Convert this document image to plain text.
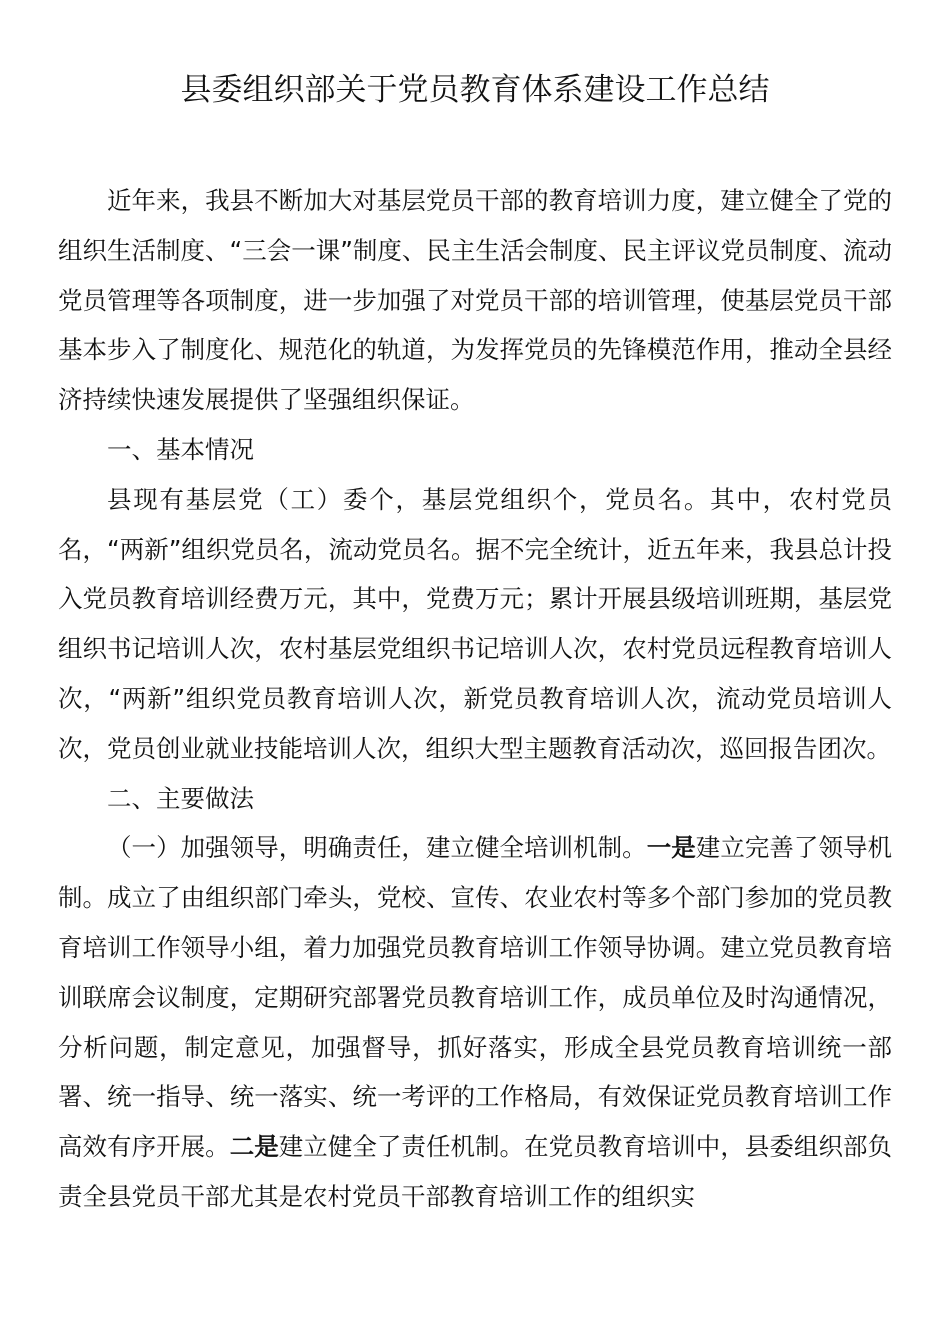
县委组织部关于党员教育体系建设工作总结

近年来，我县不断加大对基层党员干部的教育培训力度，建立健全了党的组织生活制度、“三会一课”制度、民主生活会制度、民主评议党员制度、流动党员管理等各项制度，进一步加强了对党员干部的培训管理，使基层党员干部基本步入了制度化、规范化的轨道，为发挥党员的先锋模范作用，推动全县经济持续快速发展提供了坚强组织保证。

一、基本情况

县现有基层党（工）委个，基层党组织个，党员名。其中，农村党员名，“两新”组织党员名，流动党员名。据不完全统计，近五年来，我县总计投入党员教育培训经费万元，其中，党费万元；累计开展县级培训班期，基层党组织书记培训人次，农村基层党组织书记培训人次，农村党员远程教育培训人次，“两新”组织党员教育培训人次，新党员教育培训人次，流动党员培训人次，党员创业就业技能培训人次，组织大型主题教育活动次，巡回报告团次。

二、主要做法

（一）加强领导，明确责任，建立健全培训机制。一是建立完善了领导机制。成立了由组织部门牵头，党校、宣传、农业农村等多个部门参加的党员教育培训工作领导小组，着力加强党员教育培训工作领导协调。建立党员教育培训联席会议制度，定期研究部署党员教育培训工作，成员单位及时沟通情况，分析问题，制定意见，加强督导，抓好落实，形成全县党员教育培训统一部署、统一指导、统一落实、统一考评的工作格局，有效保证党员教育培训工作高效有序开展。二是建立健全了责任机制。在党员教育培训中，县委组织部负责全县党员干部尤其是农村党员干部教育培训工作的组织实
